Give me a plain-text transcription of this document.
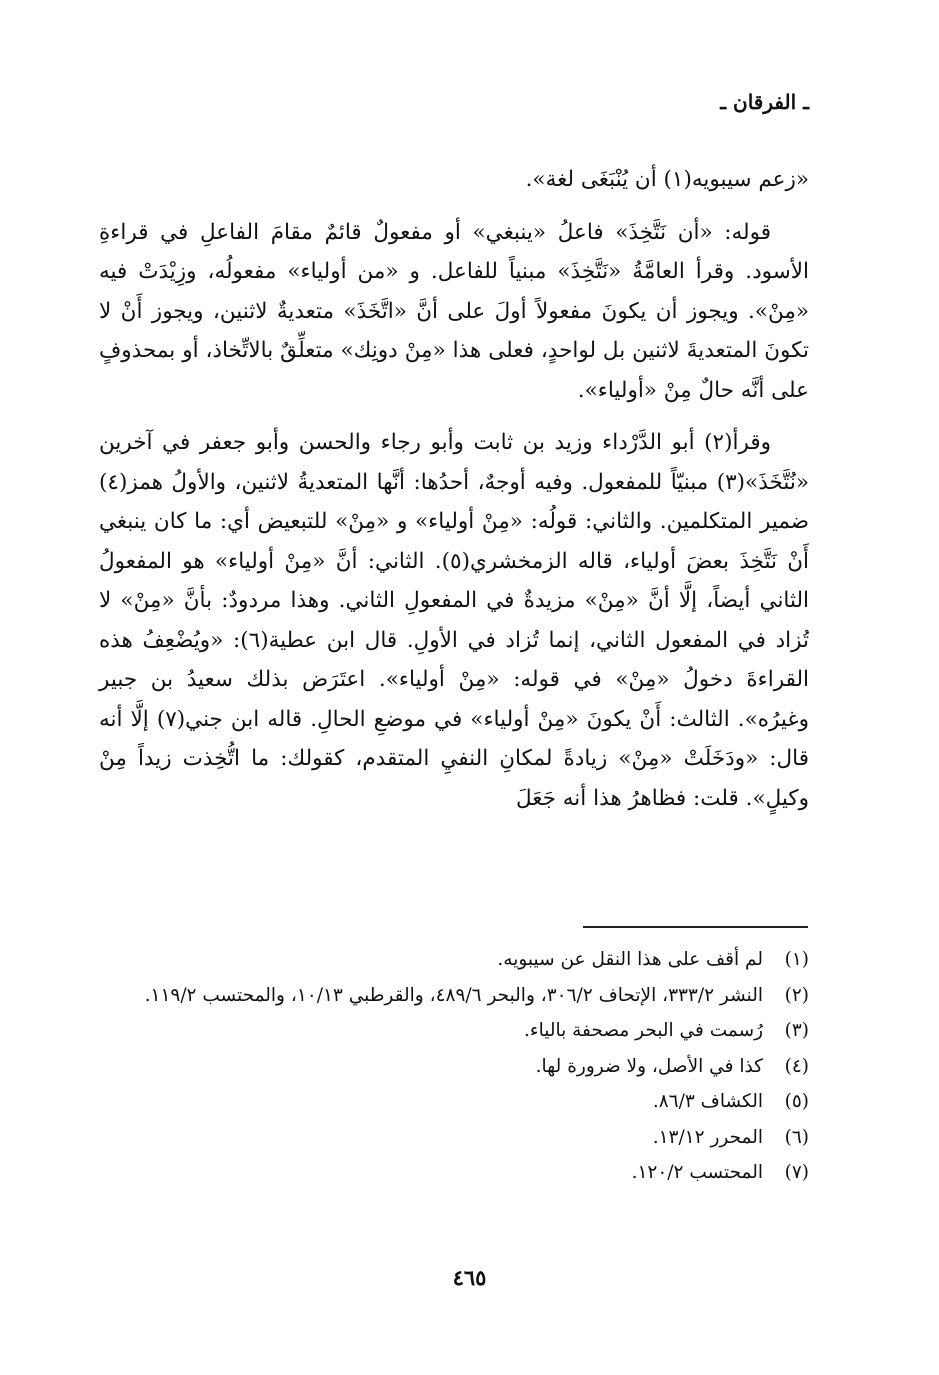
ـ الفرقان ـ

«زعم سيبويه(١) أن يُنْبَغَى لغة».

قوله: «أن نَتَّخِذَ» فاعلُ «ينبغي» أو مفعولٌ قائمٌ مقامَ الفاعلِ في قراءةِ الأسود. وقرأ العامَّةُ «نَتَّخِذَ» مبنياً للفاعل. و «من أولياء» مفعولُه، وزِيْدَتْ فيه «مِنْ». ويجوز أن يكونَ مفعولاً أولَ على أنَّ «اتَّخَذَ» متعديةٌ لاثنين، ويجوز أَنْ لا تكونَ المتعديةَ لاثنين بل لواحدٍ، فعلى هذا «مِنْ دونِك» متعلِّقٌ بالاتِّخاذ، أو بمحذوفٍ على أنَّه حالٌ مِنْ «أولياء».

وقرأ(٢) أبو الدَّرْداء وزيد بن ثابت وأبو رجاء والحسن وأبو جعفر في آخرين «نُتَّخَذَ»(٣) مبنيّاً للمفعول. وفيه أوجهٌ، أحدُها: أنَّها المتعديةُ لاثنين، والأولُ همز(٤) ضمير المتكلمين. والثاني: قولُه: «مِنْ أولياء» و «مِنْ» للتبعيض أي: ما كان ينبغي أَنْ نَتَّخِذَ بعضَ أولياء، قاله الزمخشري(٥). الثاني: أنَّ «مِنْ أولياء» هو المفعولُ الثاني أيضاً، إلَّا أنَّ «مِنْ» مزيدةٌ في المفعولِ الثاني. وهذا مردودٌ: بأنَّ «مِنْ» لا تُزاد في المفعول الثاني، إنما تُزاد في الأولِ. قال ابن عطية(٦): «ويُضْعِفُ هذه القراءةَ دخولُ «مِنْ» في قوله: «مِنْ أولياء». اعتَرَض بذلك سعيدُ بن جبير وغيرُه». الثالث: أَنْ يكونَ «مِنْ أولياء» في موضعِ الحالِ. قاله ابن جني(٧) إلَّا أنه قال: «ودَخَلَتْ «مِنْ» زيادةً لمكانِ النفيِ المتقدم، كقولك: ما اتُّخِذت زيداً مِنْ وكيلٍ». قلت: فظاهرُ هذا أنه جَعَلَ

(١)
لم أقف على هذا النقل عن سيبويه.
(٢)
النشر ٣٣٣/٢، الإتحاف ٣٠٦/٢، والبحر ٤٨٩/٦، والقرطبي ١٠/١٣، والمحتسب ١١٩/٢.
(٣)
رُسمت في البحر مصحفة بالياء.
(٤)
كذا في الأصل، ولا ضرورة لها.
(٥)
الكشاف ٨٦/٣.
(٦)
المحرر ١٣/١٢.
(٧)
المحتسب ١٢٠/٢.
٤٦٥
